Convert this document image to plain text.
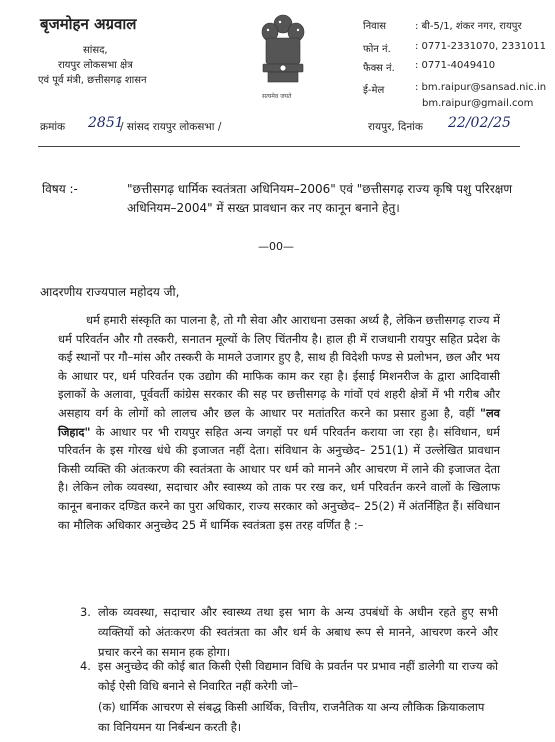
बृजमोहन अग्रवाल
सांसद,
रायपुर लोकसभा क्षेत्र
एवं पूर्व मंत्री, छत्तीसगढ़ शासन
सत्यमेव जयते
निवास	: बी-5/1, शंकर नगर, रायपुर
फोन नं. : 0771-2331070, 2331011
फैक्स नं. : 0771-4049410
ई-मेल	: bm.raipur@sansad.nic.in
bm.raipur@gmail.com
क्रमांक 2851
/ सांसद रायपुर लोकसभा /	रायपुर, दिनांक 22/02/25
विषय :-	"छत्तीसगढ़ धार्मिक स्वतंत्रता अधिनियम–2006" एवं "छत्तीसगढ़ राज्य कृषि पशु परिरक्षण अधिनियम–2004" में सख्त प्रावधान कर नए कानून बनाने हेतु।
—00—
आदरणीय राज्यपाल महोदय जी,

धर्म हमारी संस्कृति का पालना है, तो गौ सेवा और आराधना उसका अर्ध्य है, लेकिन छत्तीसगढ़ राज्य में धर्म परिवर्तन और गौ तस्करी, सनातन मूल्यों के लिए चिंतनीय है। हाल ही में राजधानी रायपुर सहित प्रदेश के कई स्थानों पर गौ–मांस और तस्करी के मामले उजागर हुए है, साथ ही विदेशी फण्ड से प्रलोभन, छल और भय के आधार पर, धर्म परिवर्तन एक उद्योग की माफिक काम कर रहा है। ईसाई मिशनरीज के द्वारा आदिवासी इलाकों के अलावा, पूर्ववर्ती कांग्रेस सरकार की सह पर छत्तीसगढ़ के गांवों एवं शहरी क्षेत्रों में भी गरीब और असहाय वर्ग के लोगों को लालच और छल के आधार पर मतांतरित करने का प्रसार हुआ है, वहीं "लव जिहाद" के आधार पर भी रायपुर सहित अन्य जगहों पर धर्म परिवर्तन कराया जा रहा है। संविधान, धर्म परिवर्तन के इस गोरख धंधे की इजाजत नहीं देता। संविधान के अनुच्छेद– 251(1) में उल्लेखित प्रावधान किसी व्यक्ति की अंतःकरण की स्वतंत्रता के आधार पर धर्म को मानने और आचरण में लाने की इजाजत देता है। लेकिन लोक व्यवस्था, सदाचार और स्वास्थ्य को ताक पर रख कर, धर्म परिवर्तन करने वालों के खिलाफ कानून बनाकर दण्डित करने का पुरा अधिकार, राज्य सरकार को अनुच्छेद– 25(2) में अंतर्निहित हैं। संविधान का मौलिक अधिकार अनुच्छेद 25 में धार्मिक स्वतंत्रता इस तरह वर्णित है :–

3. लोक व्यवस्था, सदाचार और स्वास्थ्य तथा इस भाग के अन्य उपबंधों के अधीन रहते हुए सभी व्यक्तियों को अंतःकरण की स्वतंत्रता का और धर्म के अबाध रूप से मानने, आचरण करने और प्रचार करने का समान हक होगा।
4. इस अनुच्छेद की कोई बात किसी ऐसी विद्यमान विधि के प्रवर्तन पर प्रभाव नहीं डालेगी या राज्य को कोई ऐसी विधि बनाने से निवारित नहीं करेगी जो–
(क) धार्मिक आचरण से संबद्ध किसी आर्थिक, वित्तीय, राजनैतिक या अन्य लौकिक क्रियाकलाप का विनियमन या निर्बन्धन करती है।
